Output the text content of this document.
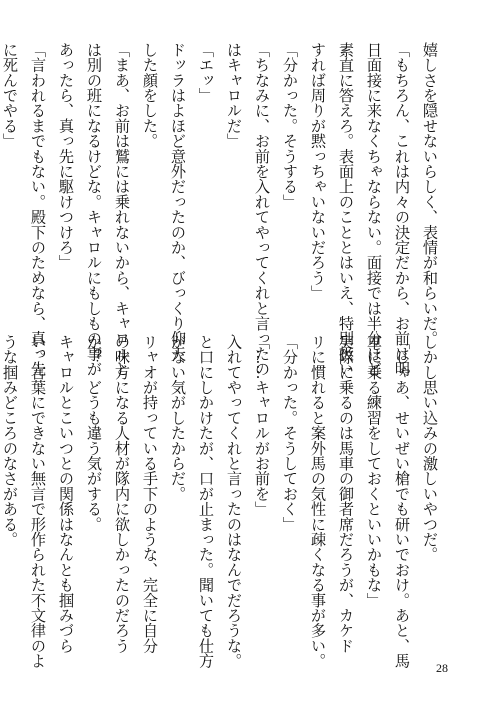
嬉しさを隠せないらしく、表情が和らいだ。
「もちろん、これは内々の決定だから、お前は明
日面接に来なくちゃならない。面接では半分ほど
素直に答えろ。表面上のこととはいえ、特別扱い
すれば周りが黙っちゃいないだろう」
「分かった。そうする」
「ちなみに、お前を入れてやってくれと言ったの
はキャロルだ」
「エッ」
ドッラはよほど意外だったのか、びっくり仰天
した顔をした。
「まあ、お前は鷲には乗れないから、キャロルと
は別の班になるけどな。キャロルにもしもの事が
あったら、真っ先に駆けつけろ」
「言われるまでもない。殿下のためなら、真っ先
に死んでやる」
しかし思い込みの激しいやつだ。
「じゃあ、せいぜい槍でも研いでおけ。あと、馬
車に乗る練習をしておくといいかもな」
実際に乗るのは馬車の御者席だろうが、カケド
リに慣れると案外馬の気性に疎くなる事が多い。
「分かった。そうしておく」
「……キャロルがお前を」
入れてやってくれと言ったのはなんでだろうな。
と口にしかけたが、口が止まった。聞いても仕方
がない気がしたからだ。
リャオが持っている手下のような、完全に自分
の味方になる人材が隊内に欲しかったのだろう
か？　どうも違う気がする。
キャロルとこいつとの関係はなんとも掴みづら
い。言葉にできない無言で形作られた不文律のよ
うな掴みどころのなさがある。
28
